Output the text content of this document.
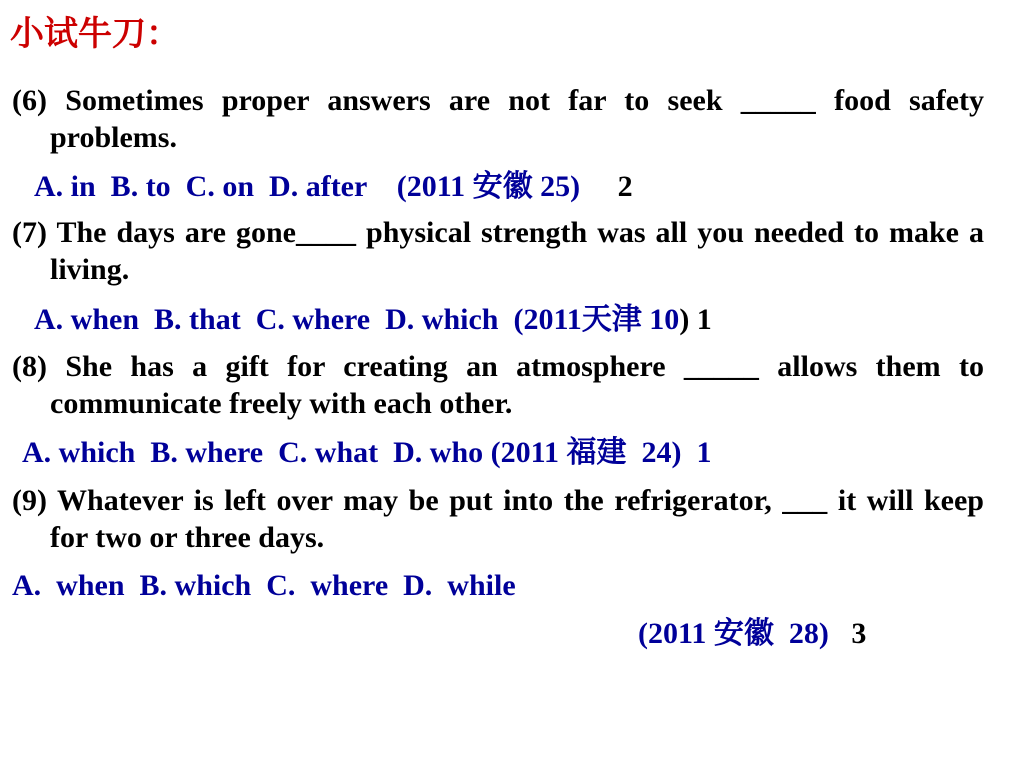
小试牛刀：
(6) Sometimes proper answers are not far to seek _____ food safety problems.
A. in  B. to  C. on  D. after    (2011 安徽 25)     2
(7) The days are gone____ physical strength was all you needed to make a living.
A. when  B. that  C. where  D. which  (2011天津 10) 1
(8) She has a gift for creating an atmosphere _____ allows them to communicate freely with each other.
A. which  B. where  C. what  D. who (2011 福建  24)  1
(9) Whatever is left over may be put into the refrigerator, ___ it will keep for two or three days.
A.  when  B. which  C.  where  D.  while
(2011 安徽  28)   3
